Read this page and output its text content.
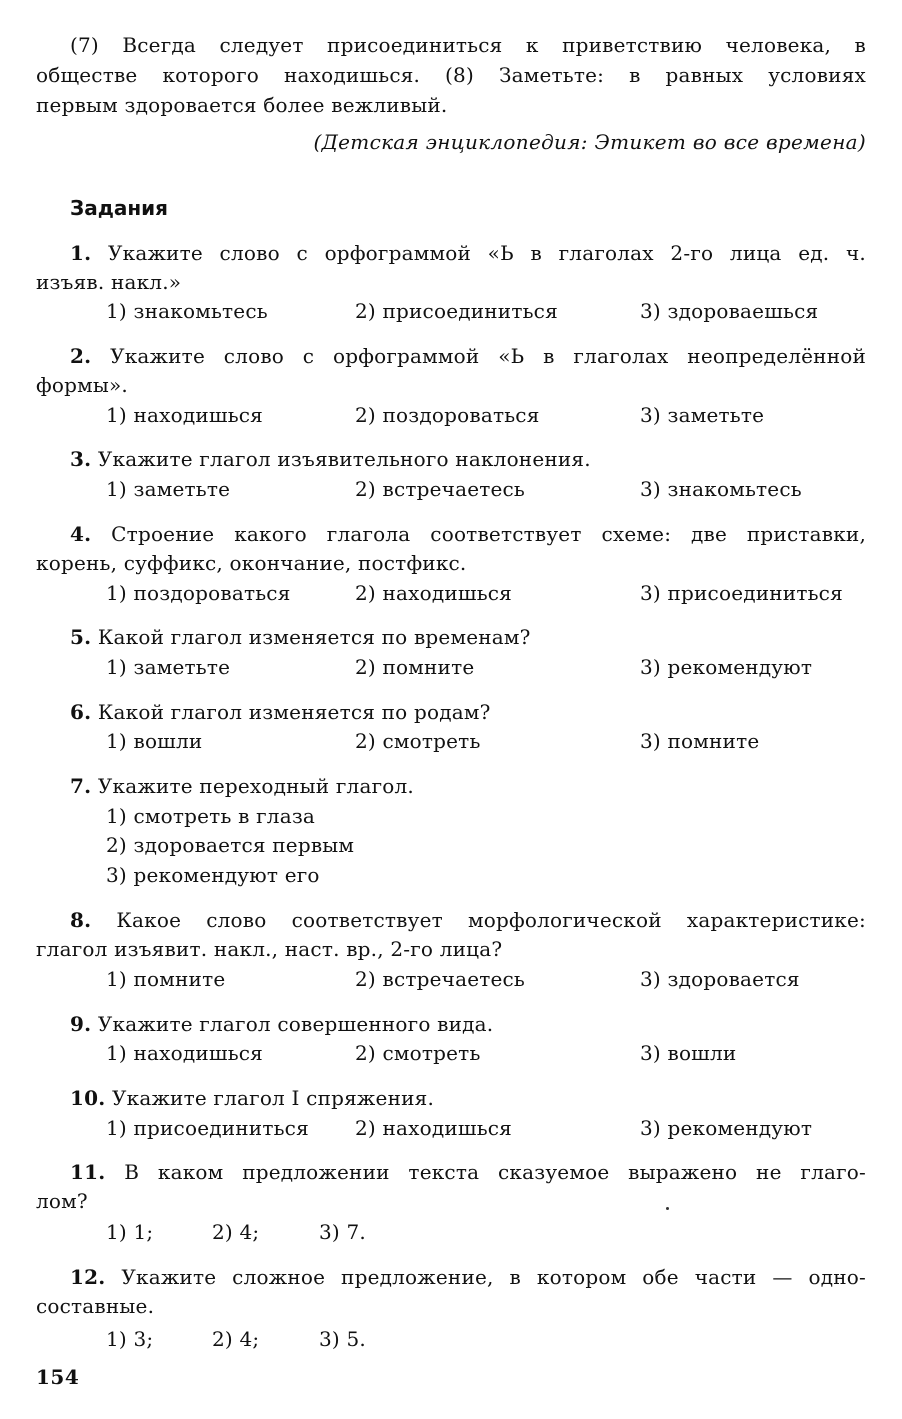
(7) Всегда следует присоединиться к приветствию человека, в
обществе которого находишься. (8) Заметьте: в равных условиях
первым здоровается более вежливый.
(Детская энциклопедия: Этикет во все времена)
Задания
1. Укажите слово с орфограммой «Ь в глаголах 2-го лица ед. ч.
изъяв. накл.»
1) знакомьтесь	2) присоединиться	3) здороваешься
2. Укажите слово с орфограммой «Ь в глаголах неопределённой
формы».
1) находишься	2) поздороваться	3) заметьте
3. Укажите глагол изъявительного наклонения.
1) заметьте	2) встречаетесь	3) знакомьтесь
4. Строение какого глагола соответствует схеме: две приставки,
корень, суффикс, окончание, постфикс.
1) поздороваться	2) находишься	3) присоединиться
5. Какой глагол изменяется по временам?
1) заметьте	2) помните	3) рекомендуют
6. Какой глагол изменяется по родам?
1) вошли	2) смотреть	3) помните
7. Укажите переходный глагол.
1) смотреть в глаза
2) здоровается первым
3) рекомендуют его
8. Какое слово соответствует морфологической характеристике:
глагол изъявит. накл., наст. вр., 2-го лица?
1) помните	2) встречаетесь	3) здоровается
9. Укажите глагол совершенного вида.
1) находишься	2) смотреть	3) вошли
10. Укажите глагол I спряжения.
1) присоединиться 2) находишься	3) рекомендуют
11. В каком предложении текста сказуемое выражено не глаго-
лом?
1) 1;	2) 4;	3) 7.
12. Укажите сложное предложение, в котором обе части — одно-
составные.
1) 3;	2) 4;	3) 5.
154
